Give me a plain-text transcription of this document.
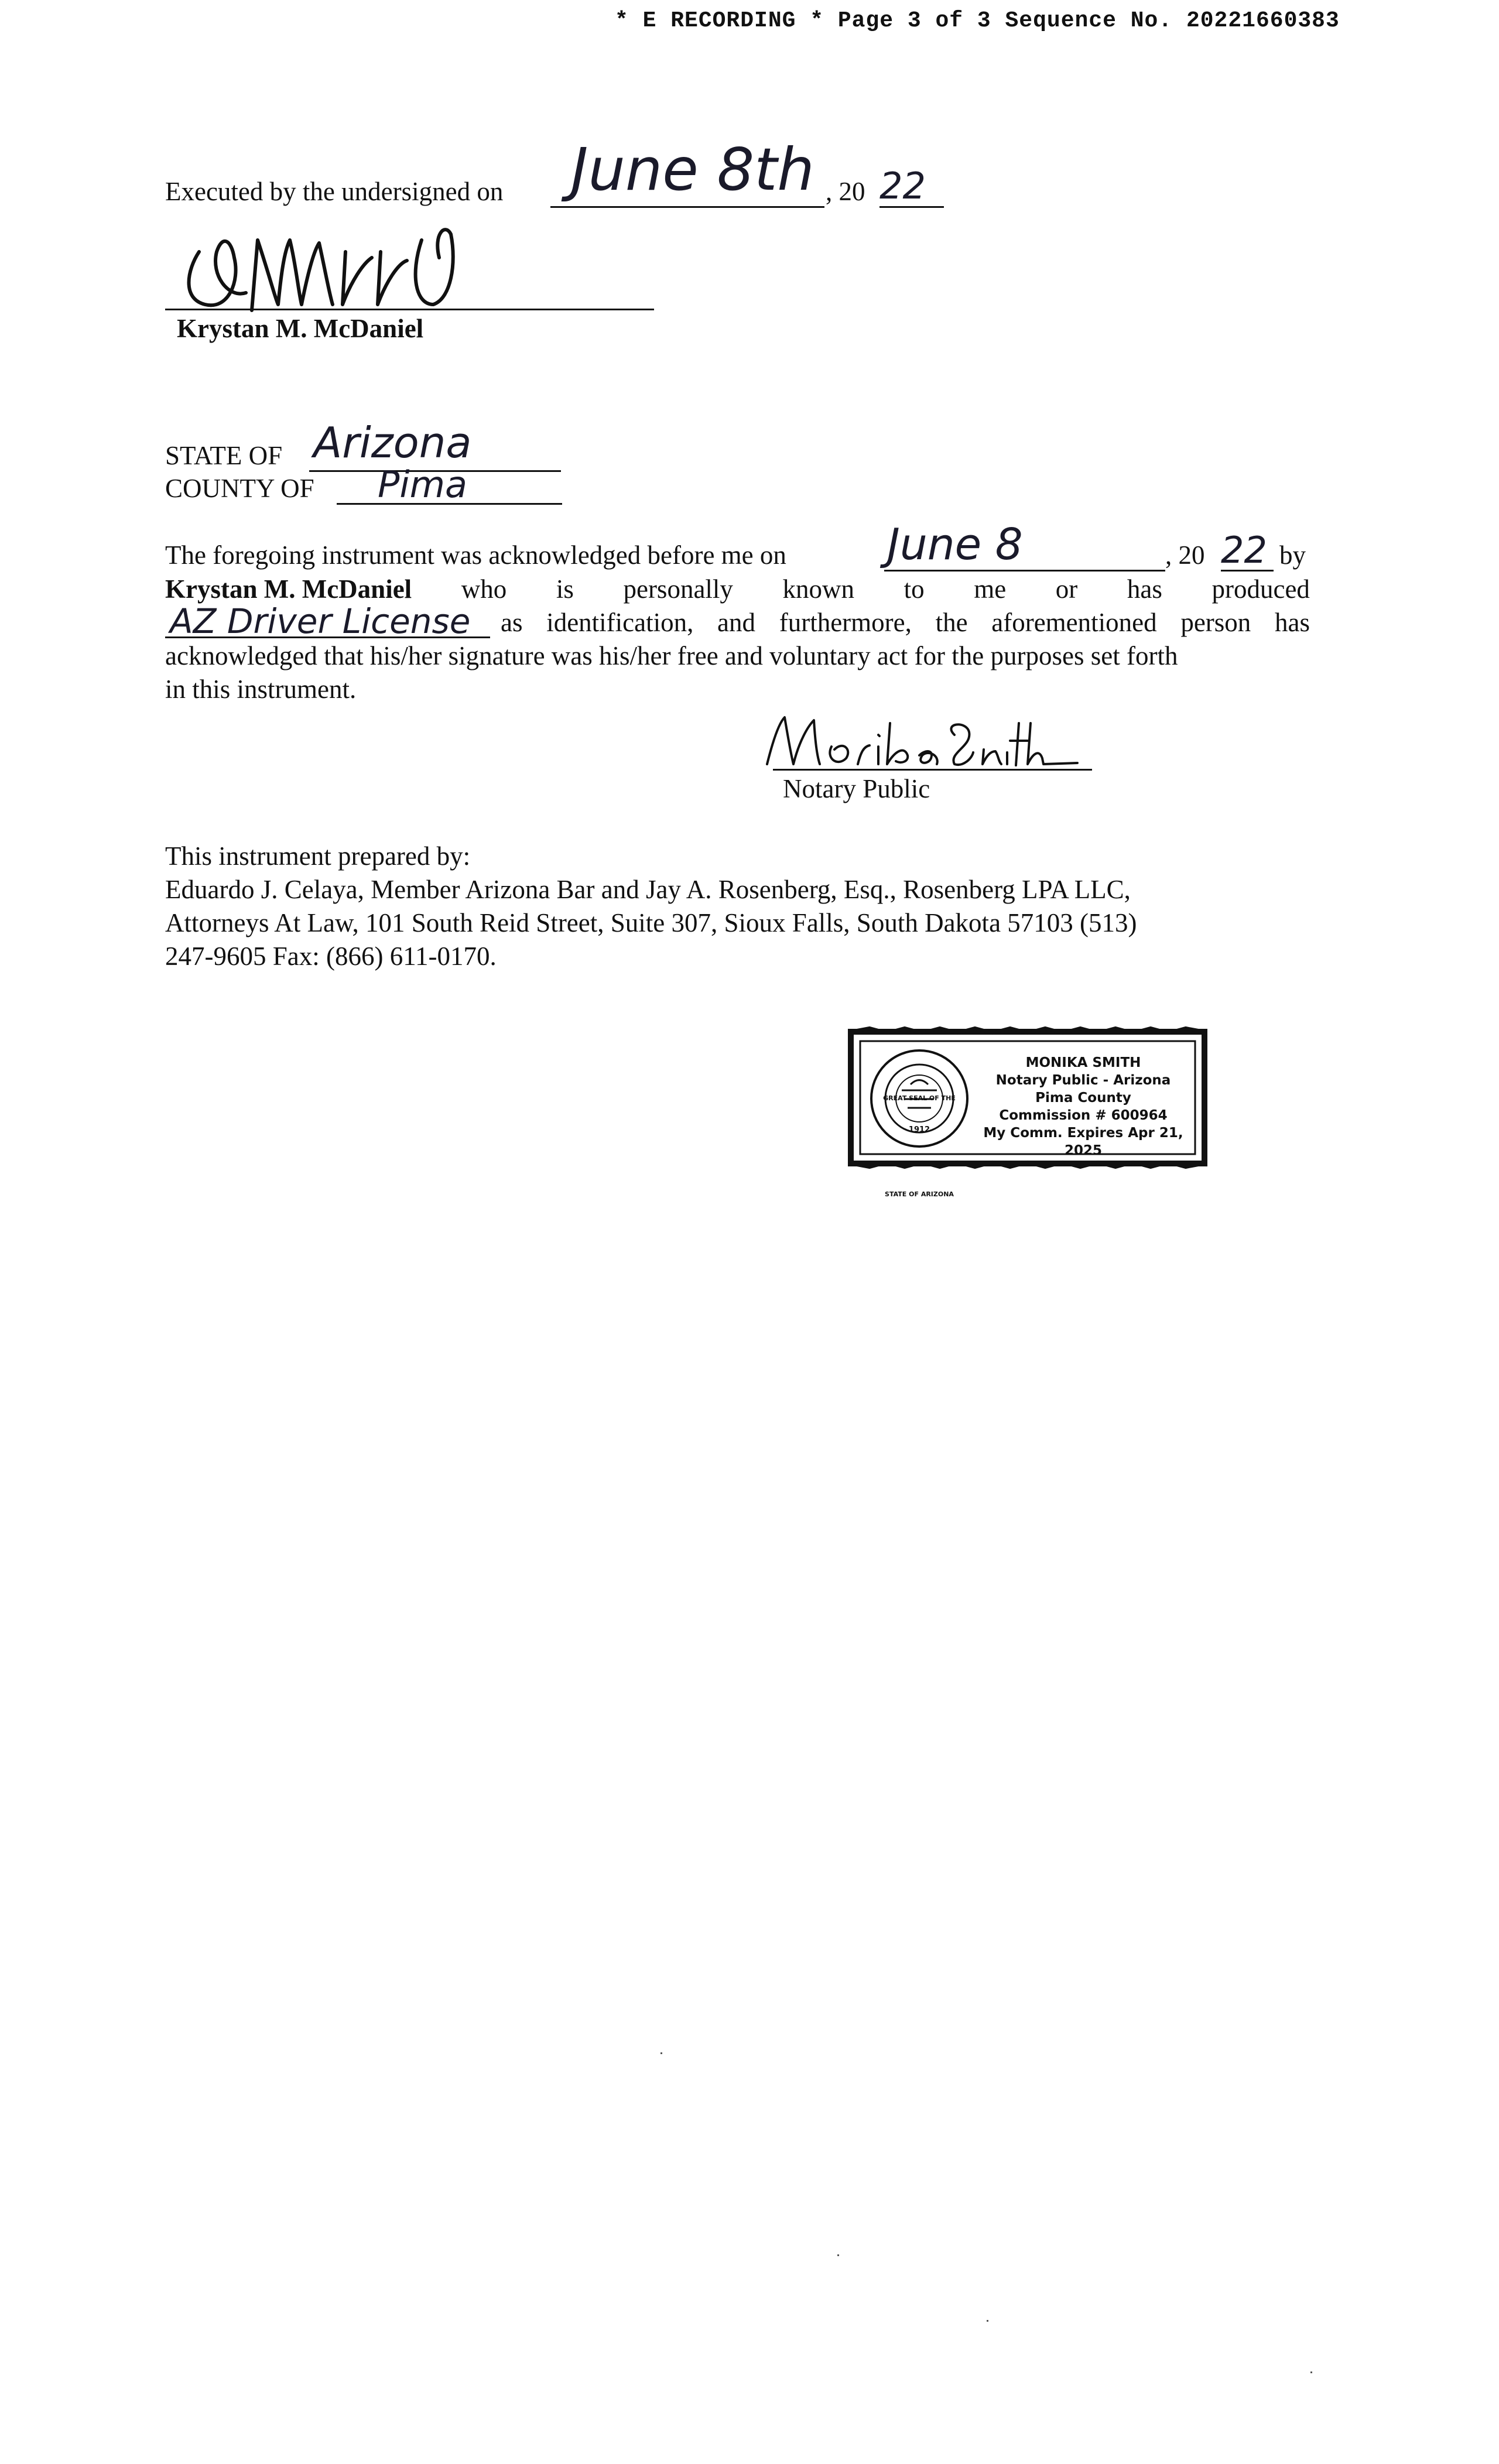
* E RECORDING * Page 3 of 3 Sequence No. 20221660383
Executed by the undersigned on June 8th , 20 22
Krystan M. McDaniel
STATE OF Arizona
COUNTY OF Pima
The foregoing instrument was acknowledged before me on June 8	, 20 22 by
Krystan M. McDaniel who is personally known to me or has produced
AZ Driver License as identification, and furthermore, the aforementioned person has
acknowledged that his/her signature was his/her free and voluntary act for the purposes set forth
in this instrument.
Notary Public
This instrument prepared by:
Eduardo J. Celaya, Member Arizona Bar and Jay A. Rosenberg, Esq., Rosenberg LPA LLC,
Attorneys At Law, 101 South Reid Street, Suite 307, Sioux Falls, South Dakota 57103 (513)
247-9605 Fax: (866) 611-0170.
GREAT SEAL OF THE STATE OF ARIZONA
1912
MONIKA SMITH
Notary Public - Arizona
Pima County
Commission # 600964
My Comm. Expires Apr 21, 2025
